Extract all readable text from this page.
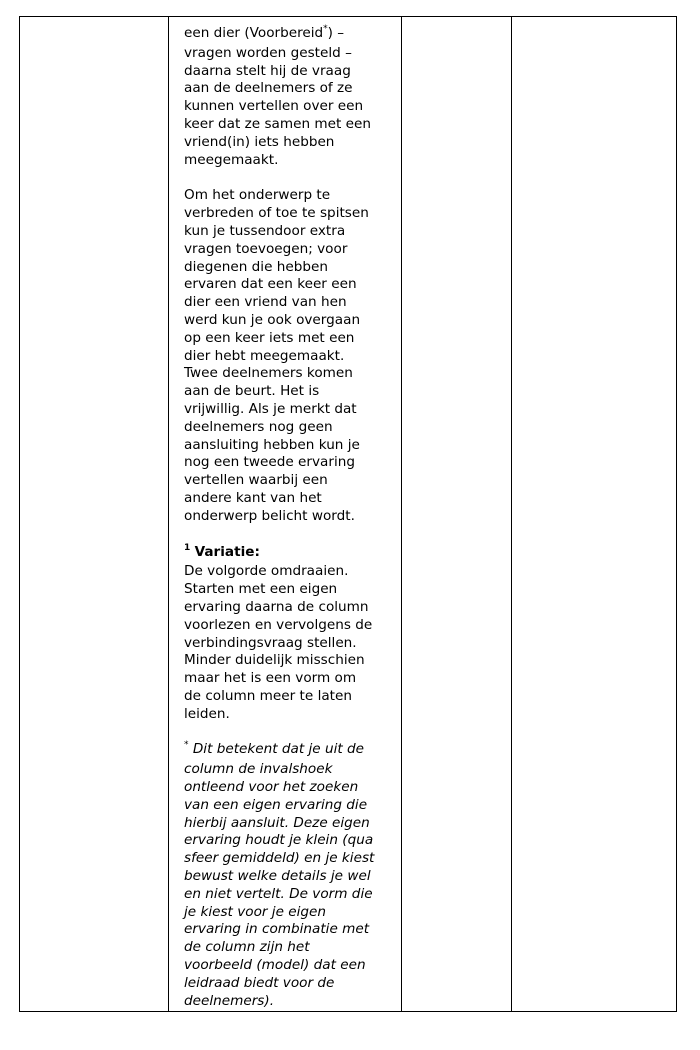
een dier (Voorbereid*) –
vragen worden gesteld –
daarna stelt hij de vraag
aan de deelnemers of ze
kunnen vertellen over een
keer dat ze samen met een
vriend(in) iets hebben
meegemaakt.

Om het onderwerp te
verbreden of toe te spitsen
kun je tussendoor extra
vragen toevoegen; voor
diegenen die hebben
ervaren dat een keer een
dier een vriend van hen
werd kun je ook overgaan
op een keer iets met een
dier hebt meegemaakt.
Twee deelnemers komen
aan de beurt. Het is
vrijwillig. Als je merkt dat
deelnemers nog geen
aansluiting hebben kun je
nog een tweede ervaring
vertellen waarbij een
andere kant van het
onderwerp belicht wordt.

$^1$ Variatie:

De volgorde omdraaien.
Starten met een eigen
ervaring daarna de column
voorlezen en vervolgens de
verbindingsvraag stellen.
Minder duidelijk misschien
maar het is een vorm om
de column meer te laten
leiden.

* Dit betekent dat je uit de
column de invalshoek
ontleend voor het zoeken
van een eigen ervaring die
hierbij aansluit. Deze eigen
ervaring houdt je klein (qua
sfeer gemiddeld) en je kiest
bewust welke details je wel
en niet vertelt. De vorm die
je kiest voor je eigen
ervaring in combinatie met
de column zijn het
voorbeeld (model) dat een
leidraad biedt voor de
deelnemers).
